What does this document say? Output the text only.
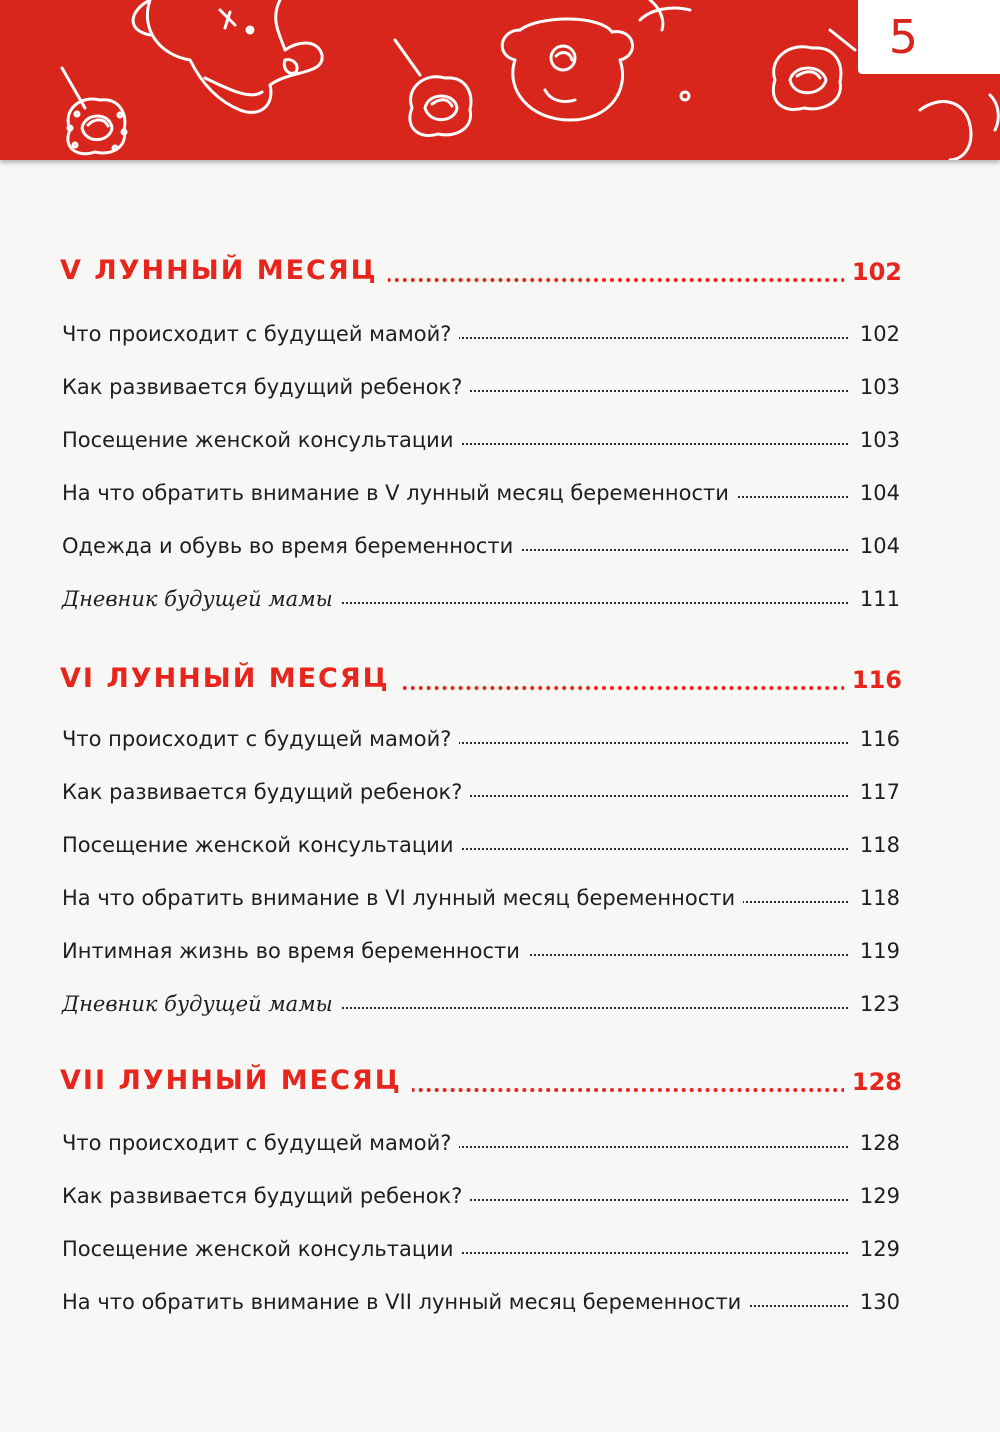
5
V ЛУННЫЙ МЕСЯЦ	102
Что происходит с будущей мамой?	102
Как развивается будущий ребенок?	103
Посещение женской консультации	103
На что обратить внимание в V лунный месяц беременности	104
Одежда и обувь во время беременности	104
Дневник будущей мамы	111
VI ЛУННЫЙ МЕСЯЦ	116
Что происходит с будущей мамой?	116
Как развивается будущий ребенок?	117
Посещение женской консультации	118
На что обратить внимание в VI лунный месяц беременности	118
Интимная жизнь во время беременности	119
Дневник будущей мамы	123
VII ЛУННЫЙ МЕСЯЦ	128
Что происходит с будущей мамой?	128
Как развивается будущий ребенок?	129
Посещение женской консультации	129
На что обратить внимание в VII лунный месяц беременности	130
